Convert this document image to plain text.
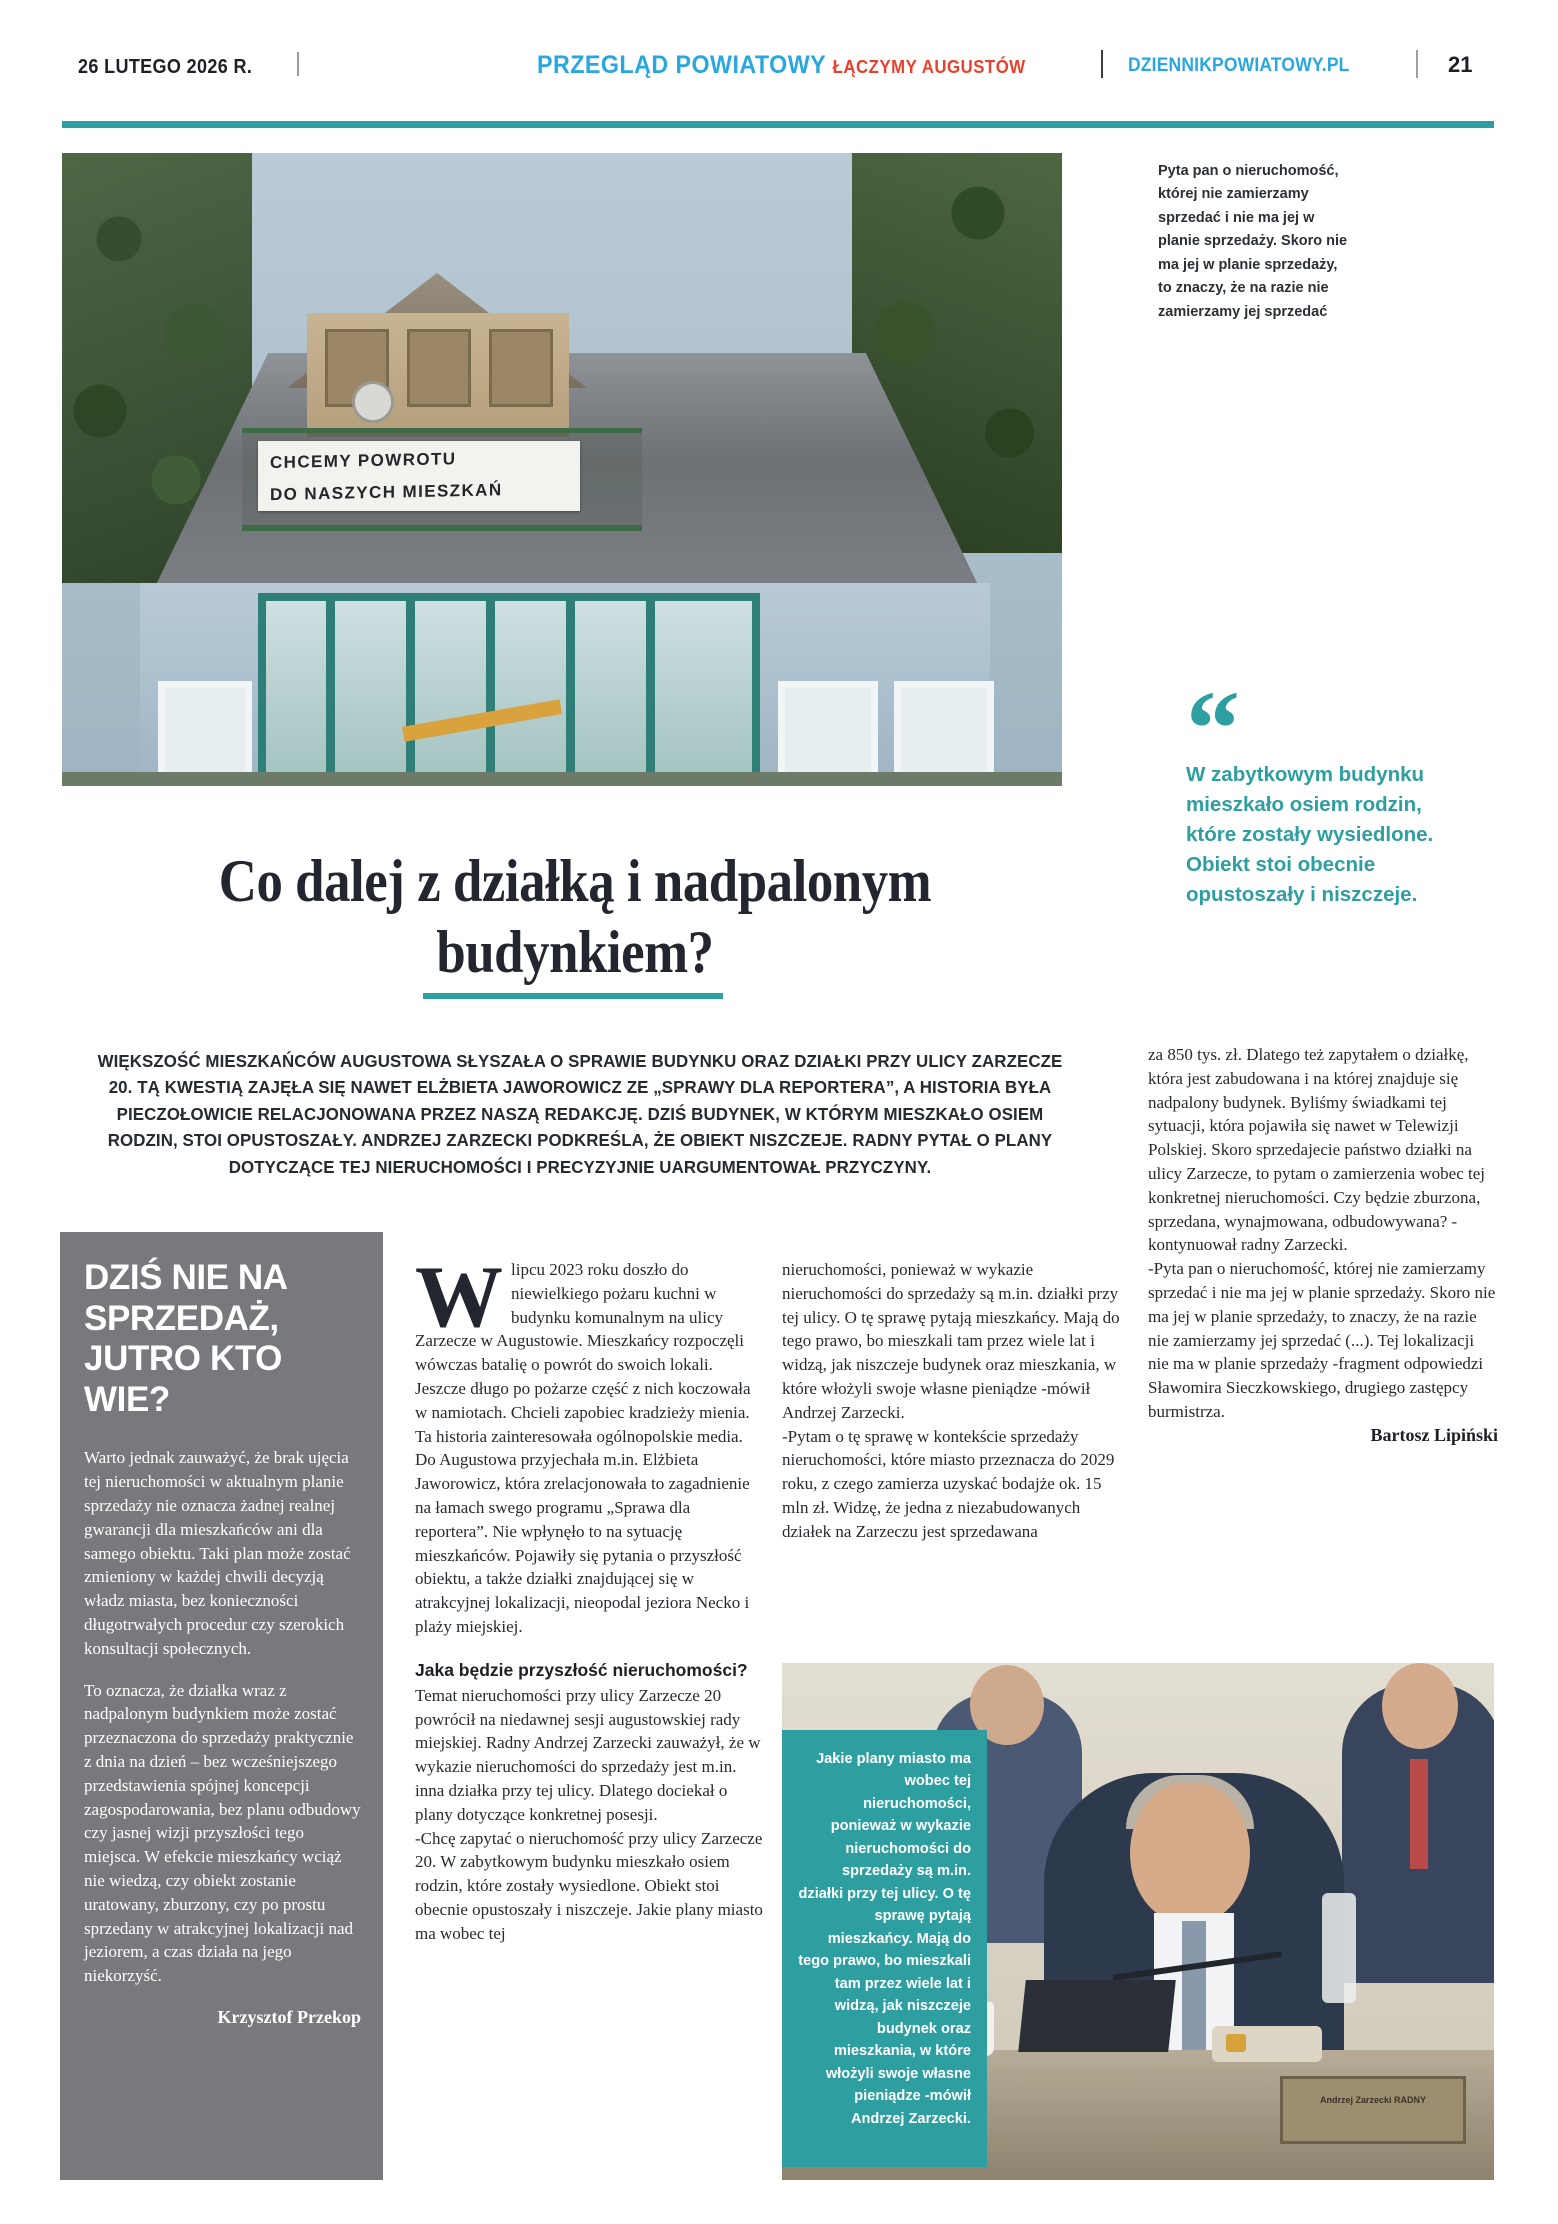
26 LUTEGO 2026 R.	PRZEGLĄD POWIATOWY ŁĄCZYMY AUGUSTÓW	DZIENNIKPOWIATOWY.PL	21
CHCEMY POWROTU
DO NASZYCH MIESZKAŃ
Pyta pan o nieruchomość, której nie zamierzamy sprzedać i nie ma jej w planie sprzedaży. Skoro nie ma jej w planie sprzedaży, to znaczy, że na razie nie zamierzamy jej sprzedać
“
W zabytkowym budynku mieszkało osiem rodzin, które zostały wysiedlone. Obiekt stoi obecnie opustoszały i niszczeje.
Co dalej z działką i nadpalonym budynkiem?
WIĘKSZOŚĆ MIESZKAŃCÓW AUGUSTOWA SŁYSZAŁA O SPRAWIE BUDYNKU ORAZ DZIAŁKI PRZY ULICY ZARZECZE 20. TĄ KWESTIĄ ZAJĘŁA SIĘ NAWET ELŻBIETA JAWOROWICZ ZE „SPRAWY DLA REPORTERA”, A HISTORIA BYŁA PIECZOŁOWICIE RELACJONOWANA PRZEZ NASZĄ REDAKCJĘ. DZIŚ BUDYNEK, W KTÓRYM MIESZKAŁO OSIEM RODZIN, STOI OPUSTOSZAŁY. ANDRZEJ ZARZECKI PODKREŚLA, ŻE OBIEKT NISZCZEJE. RADNY PYTAŁ O PLANY DOTYCZĄCE TEJ NIERUCHOMOŚCI I PRECYZYJNIE UARGUMENTOWAŁ PRZYCZYNY.
DZIŚ NIE NA SPRZEDAŻ, JUTRO KTO WIE?

Warto jednak zauważyć, że brak ujęcia tej nieruchomości w aktualnym planie sprzedaży nie oznacza żadnej realnej gwarancji dla mieszkańców ani dla samego obiektu. Taki plan może zostać zmieniony w każdej chwili decyzją władz miasta, bez konieczności długotrwałych procedur czy szerokich konsultacji społecznych.

To oznacza, że działka wraz z nadpalonym budynkiem może zostać przeznaczona do sprzedaży praktycznie z dnia na dzień – bez wcześniejszego przedstawienia spójnej koncepcji zagospodarowania, bez planu odbudowy czy jasnej wizji przyszłości tego miejsca. W efekcie mieszkańcy wciąż nie wiedzą, czy obiekt zostanie uratowany, zburzony, czy po prostu sprzedany w atrakcyjnej lokalizacji nad jeziorem, a czas działa na jego niekorzyść.

Krzysztof Przekop

Wlipcu 2023 roku doszło do niewielkiego pożaru kuchni w budynku komunalnym na ulicy Zarzecze w Augustowie. Mieszkańcy rozpoczęli wówczas batalię o powrót do swoich lokali. Jeszcze długo po pożarze część z nich koczowała w namiotach. Chcieli zapobiec kradzieży mienia.

Ta historia zainteresowała ogólnopolskie media. Do Augustowa przyjechała m.in. Elżbieta Jaworowicz, która zrelacjonowała to zagadnienie na łamach swego programu „Sprawa dla reportera”. Nie wpłynęło to na sytuację mieszkańców. Pojawiły się pytania o przyszłość obiektu, a także działki znajdującej się w atrakcyjnej lokalizacji, nieopodal jeziora Necko i plaży miejskiej.

Jaka będzie przyszłość nieruchomości?

Temat nieruchomości przy ulicy Zarzecze 20 powrócił na niedawnej sesji augustowskiej rady miejskiej. Radny Andrzej Zarzecki zauważył, że w wykazie nieruchomości do sprzedaży jest m.in. inna działka przy tej ulicy. Dlatego dociekał o plany dotyczące konkretnej posesji.

-Chcę zapytać o nieruchomość przy ulicy Zarzecze 20. W zabytkowym budynku mieszkało osiem rodzin, które zostały wysiedlone. Obiekt stoi obecnie opustoszały i niszczeje. Jakie plany miasto ma wobec tej

nieruchomości, ponieważ w wykazie nieruchomości do sprzedaży są m.in. działki przy tej ulicy. O tę sprawę pytają mieszkańcy. Mają do tego prawo, bo mieszkali tam przez wiele lat i widzą, jak niszczeje budynek oraz mieszkania, w które włożyli swoje własne pieniądze -mówił Andrzej Zarzecki.

-Pytam o tę sprawę w kontekście sprzedaży nieruchomości, które miasto przeznacza do 2029 roku, z czego zamierza uzyskać bodajże ok. 15 mln zł. Widzę, że jedna z niezabudowanych działek na Zarzeczu jest sprzedawana

za 850 tys. zł. Dlatego też zapytałem o działkę, która jest zabudowana i na której znajduje się nadpalony budynek. Byliśmy świadkami tej sytuacji, która pojawiła się nawet w Telewizji Polskiej. Skoro sprzedajecie państwo działki na ulicy Zarzecze, to pytam o zamierzenia wobec tej konkretnej nieruchomości. Czy będzie zburzona, sprzedana, wynajmowana, odbudowywana? -kontynuował radny Zarzecki.

-Pyta pan o nieruchomość, której nie zamierzamy sprzedać i nie ma jej w planie sprzedaży. Skoro nie ma jej w planie sprzedaży, to znaczy, że na razie nie zamierzamy jej sprzedać (...). Tej lokalizacji nie ma w planie sprzedaży -fragment odpowiedzi Sławomira Sieczkowskiego, drugiego zastępcy burmistrza.

Bartosz Lipiński

Andrzej Zarzecki RADNY
Jakie plany miasto ma wobec tej nieruchomości, ponieważ w wykazie nieruchomości do sprzedaży są m.in. działki przy tej ulicy. O tę sprawę pytają mieszkańcy. Mają do tego prawo, bo mieszkali tam przez wiele lat i widzą, jak niszczeje budynek oraz mieszkania, w które włożyli swoje własne pieniądze -mówił Andrzej Zarzecki.
